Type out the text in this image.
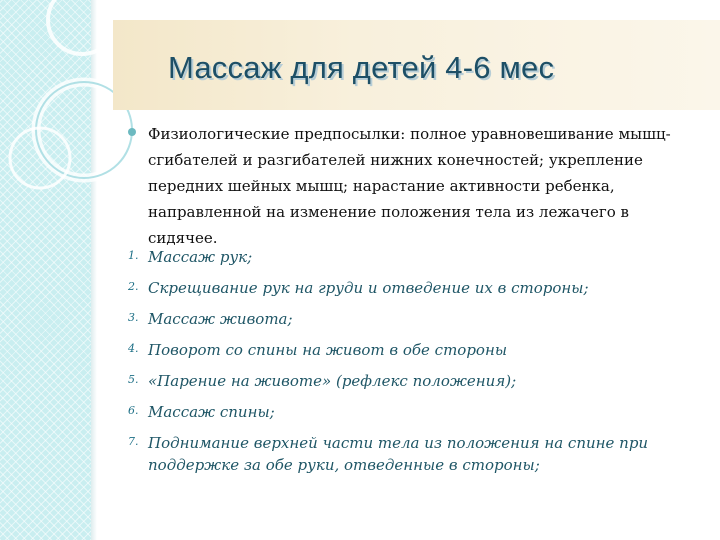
Массаж для детей 4-6 мес
Физиологические предпосылки: полное уравновешивание мышц-сгибателей и разгибателей нижних конечностей; укрепление передних шейных мышц; нарастание активности ребенка, направленной на изменение положения тела из лежачего в сидячее.
1. Массаж рук;
2. Скрещивание рук на груди и отведение их в стороны;
3. Массаж живота;
4. Поворот со спины на живот в обе стороны
5. «Парение на животе» (рефлекс положения);
6. Массаж спины;
7. Поднимание верхней части тела из положения на спине при поддержке за обе руки, отведенные в стороны;
